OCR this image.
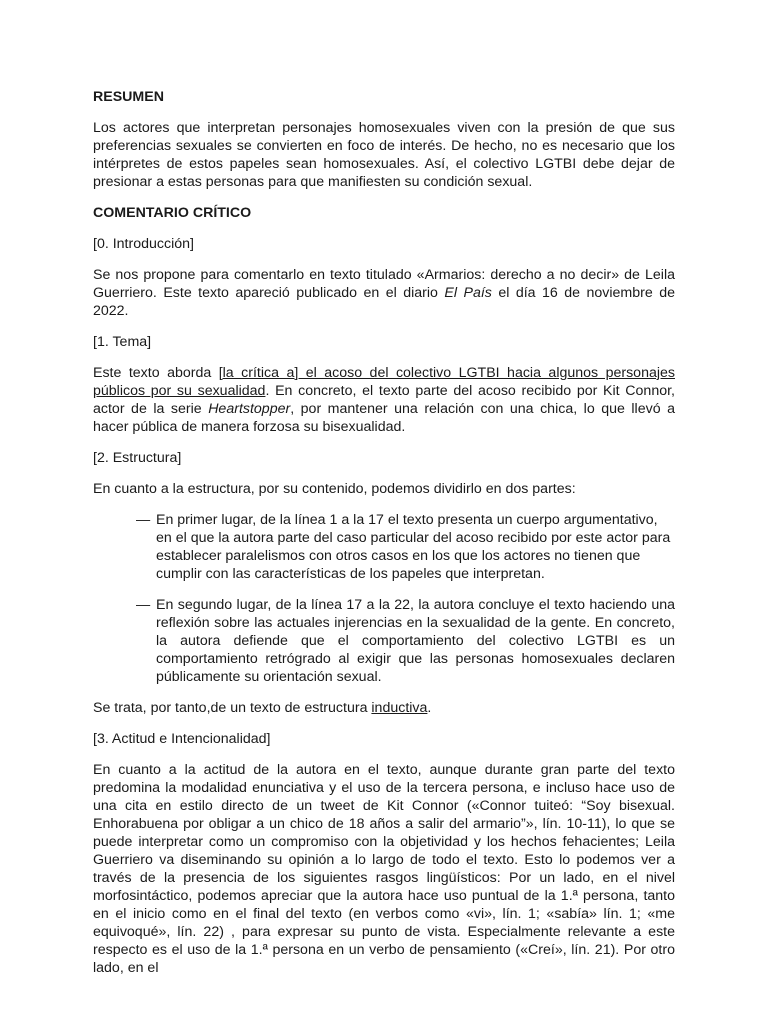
RESUMEN

Los actores que interpretan personajes homosexuales viven con la presión de que sus preferencias sexuales se convierten en foco de interés. De hecho, no es necesario que los intérpretes de estos papeles sean homosexuales. Así, el colectivo LGTBI debe dejar de presionar a estas personas para que manifiesten su condición sexual.

COMENTARIO CRÍTICO

[0. Introducción]

Se nos propone para comentarlo en texto titulado «Armarios: derecho a no decir» de Leila Guerriero. Este texto apareció publicado en el diario El País el día 16 de noviembre de 2022.

[1. Tema]

Este texto aborda [la crítica a] el acoso del colectivo LGTBI hacia algunos personajes públicos por su sexualidad. En concreto, el texto parte del acoso recibido por Kit Connor, actor de la serie Heartstopper, por mantener una relación con una chica, lo que llevó a hacer pública de manera forzosa su bisexualidad.

[2. Estructura]

En cuanto a la estructura, por su contenido, podemos dividirlo en dos partes:

— En primer lugar, de la línea 1 a la 17 el texto presenta un cuerpo argumentativo, en el que la autora parte del caso particular del acoso recibido por este actor para establecer paralelismos con otros casos en los que los actores no tienen que cumplir con las características de los papeles que interpretan.
— En segundo lugar, de la línea 17 a la 22, la autora concluye el texto haciendo una reflexión sobre las actuales injerencias en la sexualidad de la gente. En concreto, la autora defiende que el comportamiento del colectivo LGTBI es un comportamiento retrógrado al exigir que las personas homosexuales declaren públicamente su orientación sexual.

Se trata, por tanto,de un texto de estructura inductiva.

[3. Actitud e Intencionalidad]

En cuanto a la actitud de la autora en el texto, aunque durante gran parte del texto predomina la modalidad enunciativa y el uso de la tercera persona, e incluso hace uso de una cita en estilo directo de un tweet de Kit Connor («Connor tuiteó: “Soy bisexual. Enhorabuena por obligar a un chico de 18 años a salir del armario”», lín. 10-11), lo que se puede interpretar como un compromiso con la objetividad y los hechos fehacientes; Leila Guerriero va diseminando su opinión a lo largo de todo el texto. Esto lo podemos ver a través de la presencia de los siguientes rasgos lingüísticos: Por un lado, en el nivel morfosintáctico, podemos apreciar que la autora hace uso puntual de la 1.ª persona, tanto en el inicio como en el final del texto (en verbos como «vi», lín. 1; «sabía» lín. 1; «me equivoqué», lín. 22) , para expresar su punto de vista. Especialmente relevante a este respecto es el uso de la 1.ª persona en un verbo de pensamiento («Creí», lín. 21). Por otro lado, en el
